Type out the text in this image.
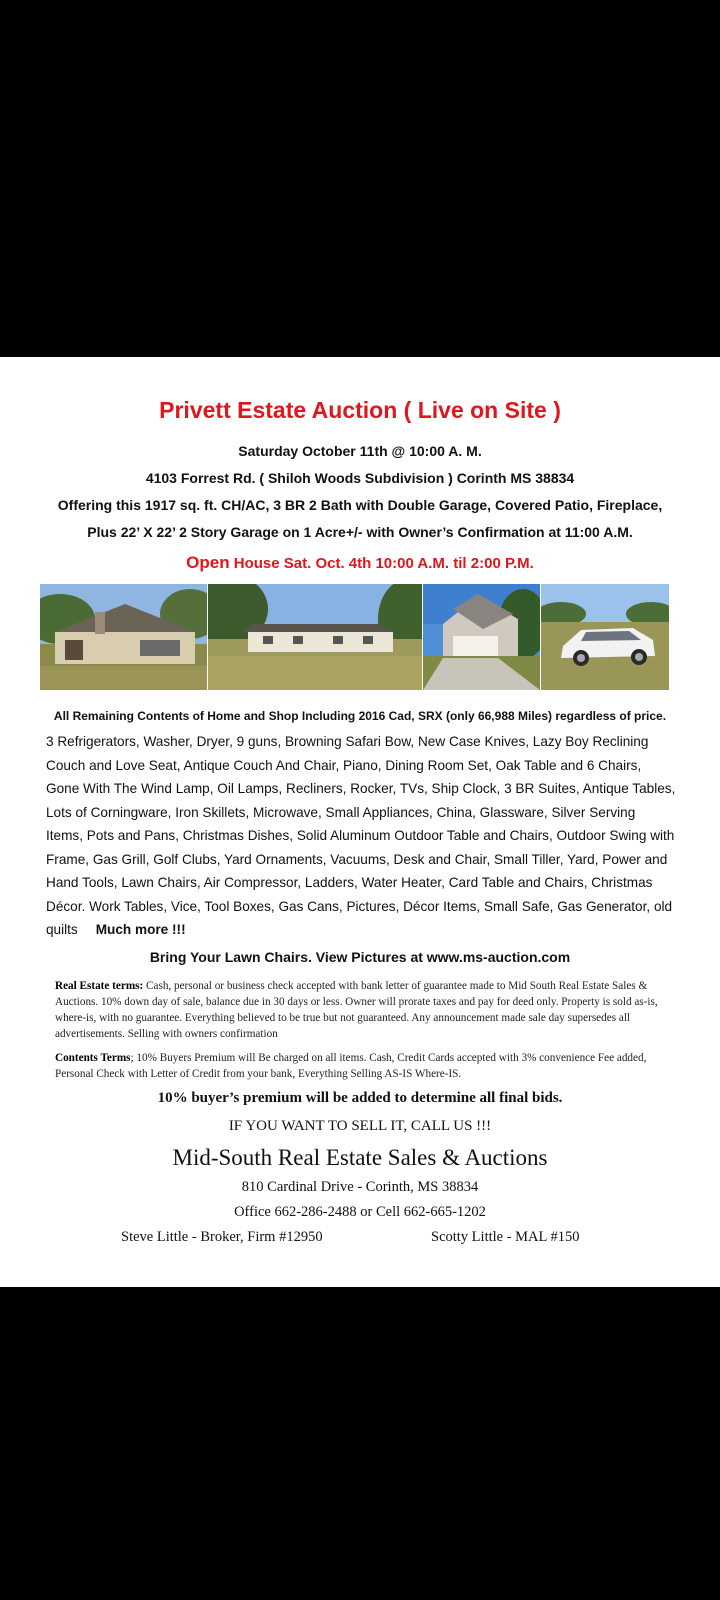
Privett Estate Auction ( Live on Site )
Saturday October 11th @ 10:00 A. M.
4103 Forrest Rd. ( Shiloh Woods Subdivision ) Corinth MS 38834
Offering this 1917 sq. ft. CH/AC, 3 BR 2 Bath with Double Garage, Covered Patio, Fireplace,
Plus 22’ X 22’ 2 Story Garage on 1 Acre+/- with Owner’s Confirmation at 11:00 A.M.
Open House Sat. Oct. 4th 10:00 A.M. til 2:00 P.M.
All Remaining Contents of Home and Shop Including 2016 Cad, SRX (only 66,988 Miles) regardless of price.
3 Refrigerators, Washer, Dryer, 9 guns, Browning Safari Bow, New Case Knives, Lazy Boy Reclining Couch and Love Seat, Antique Couch And Chair, Piano, Dining Room Set, Oak Table and 6 Chairs, Gone With The Wind Lamp, Oil Lamps, Recliners, Rocker, TVs, Ship Clock, 3 BR Suites, Antique Tables, Lots of Corningware, Iron Skillets, Microwave, Small Appliances, China, Glassware, Silver Serving Items, Pots and Pans, Christmas Dishes, Solid Aluminum Outdoor Table and Chairs, Outdoor Swing with Frame, Gas Grill, Golf Clubs, Yard Ornaments, Vacuums, Desk and Chair, Small Tiller, Yard, Power and Hand Tools, Lawn Chairs, Air Compressor, Ladders, Water Heater, Card Table and Chairs, Christmas Décor. Work Tables, Vice, Tool Boxes, Gas Cans, Pictures, Décor Items, Small Safe, Gas Generator, old quilts Much more !!!
Bring Your Lawn Chairs. View Pictures at www.ms-auction.com
Real Estate terms: Cash, personal or business check accepted with bank letter of guarantee made to Mid South Real Estate Sales & Auctions. 10% down day of sale, balance due in 30 days or less. Owner will prorate taxes and pay for deed only. Property is sold as-is, where-is, with no guarantee. Everything believed to be true but not guaranteed. Any announcement made sale day supersedes all advertisements. Selling with owners confirmation
Contents Terms; 10% Buyers Premium will Be charged on all items. Cash, Credit Cards accepted with 3% convenience Fee added, Personal Check with Letter of Credit from your bank, Everything Selling AS-IS Where-IS.
10% buyer’s premium will be added to determine all final bids.
IF YOU WANT TO SELL IT, CALL US !!!
Mid-South Real Estate Sales & Auctions
810 Cardinal Drive - Corinth, MS 38834
Office 662-286-2488 or Cell 662-665-1202
Steve Little - Broker, Firm #12950	Scotty Little - MAL #150
